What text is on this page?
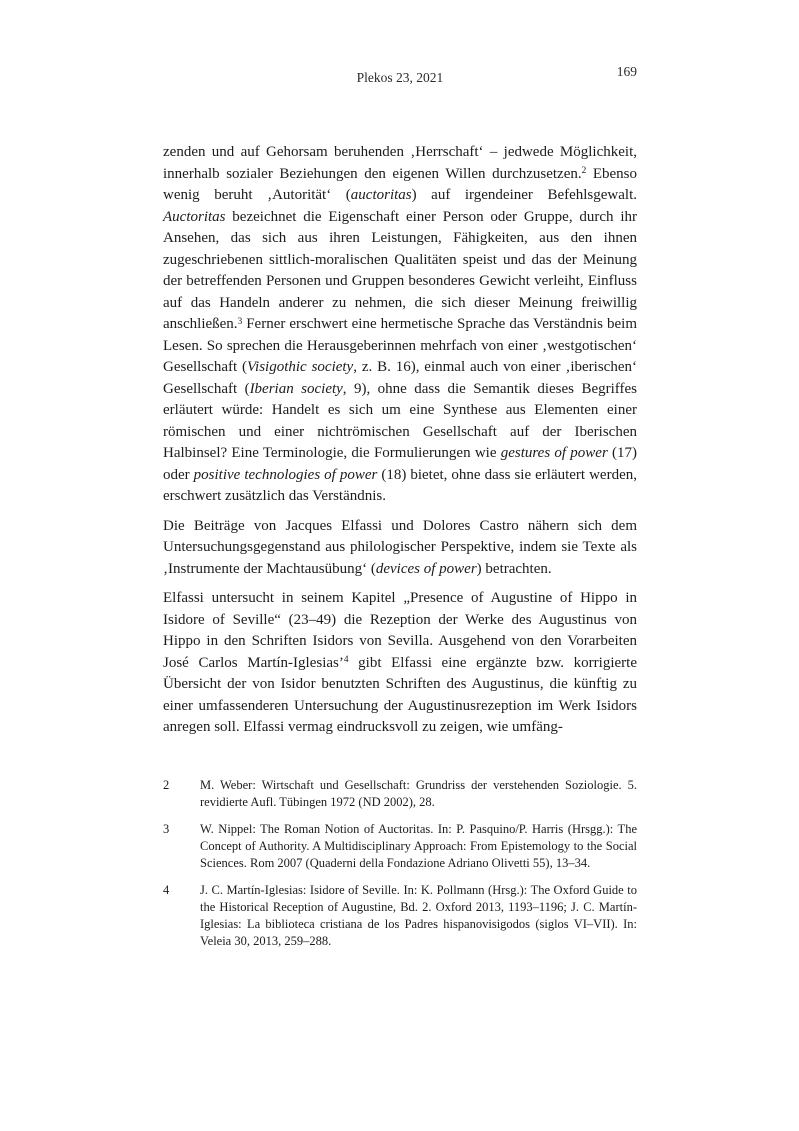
Plekos 23, 2021	169

zenden und auf Gehorsam beruhenden ‚Herrschaft‘ – jedwede Möglichkeit, innerhalb sozialer Beziehungen den eigenen Willen durchzusetzen.$^2$ Ebenso wenig beruht ‚Autorität‘ (auctoritas) auf irgendeiner Befehlsgewalt. Auctoritas bezeichnet die Eigenschaft einer Person oder Gruppe, durch ihr Ansehen, das sich aus ihren Leistungen, Fähigkeiten, aus den ihnen zugeschriebenen sittlich-moralischen Qualitäten speist und das der Meinung der betreffenden Personen und Gruppen besonderes Gewicht verleiht, Einfluss auf das Handeln anderer zu nehmen, die sich dieser Meinung freiwillig anschließen.$^3$ Ferner erschwert eine hermetische Sprache das Verständnis beim Lesen. So sprechen die Herausgeberinnen mehrfach von einer ‚westgotischen‘ Gesellschaft (Visigothic society, z. B. 16), einmal auch von einer ‚iberischen‘ Gesellschaft (Iberian society, 9), ohne dass die Semantik dieses Begriffes erläutert würde: Handelt es sich um eine Synthese aus Elementen einer römischen und einer nichtrömischen Gesellschaft auf der Iberischen Halbinsel? Eine Terminologie, die Formulierungen wie gestures of power (17) oder positive technologies of power (18) bietet, ohne dass sie erläutert werden, erschwert zusätzlich das Verständnis.

Die Beiträge von Jacques Elfassi und Dolores Castro nähern sich dem Untersuchungsgegenstand aus philologischer Perspektive, indem sie Texte als ‚Instrumente der Machtausübung‘ (devices of power) betrachten.

Elfassi untersucht in seinem Kapitel „Presence of Augustine of Hippo in Isidore of Seville“ (23–49) die Rezeption der Werke des Augustinus von Hippo in den Schriften Isidors von Sevilla. Ausgehend von den Vorarbeiten José Carlos Martín-Iglesias’$^4$ gibt Elfassi eine ergänzte bzw. korrigierte Übersicht der von Isidor benutzten Schriften des Augustinus, die künftig zu einer umfassenderen Untersuchung der Augustinusrezeption im Werk Isidors anregen soll. Elfassi vermag eindrucksvoll zu zeigen, wie umfäng-

2	M. Weber: Wirtschaft und Gesellschaft: Grundriss der verstehenden Soziologie. 5. revidierte Aufl. Tübingen 1972 (ND 2002), 28.
3	W. Nippel: The Roman Notion of Auctoritas. In: P. Pasquino/P. Harris (Hrsgg.): The Concept of Authority. A Multidisciplinary Approach: From Epistemology to the Social Sciences. Rom 2007 (Quaderni della Fondazione Adriano Olivetti 55), 13–34.
4	J. C. Martín-Iglesias: Isidore of Seville. In: K. Pollmann (Hrsg.): The Oxford Guide to the Historical Reception of Augustine, Bd. 2. Oxford 2013, 1193–1196; J. C. Martín-Iglesias: La biblioteca cristiana de los Padres hispanovisigodos (siglos VI–VII). In: Veleia 30, 2013, 259–288.
